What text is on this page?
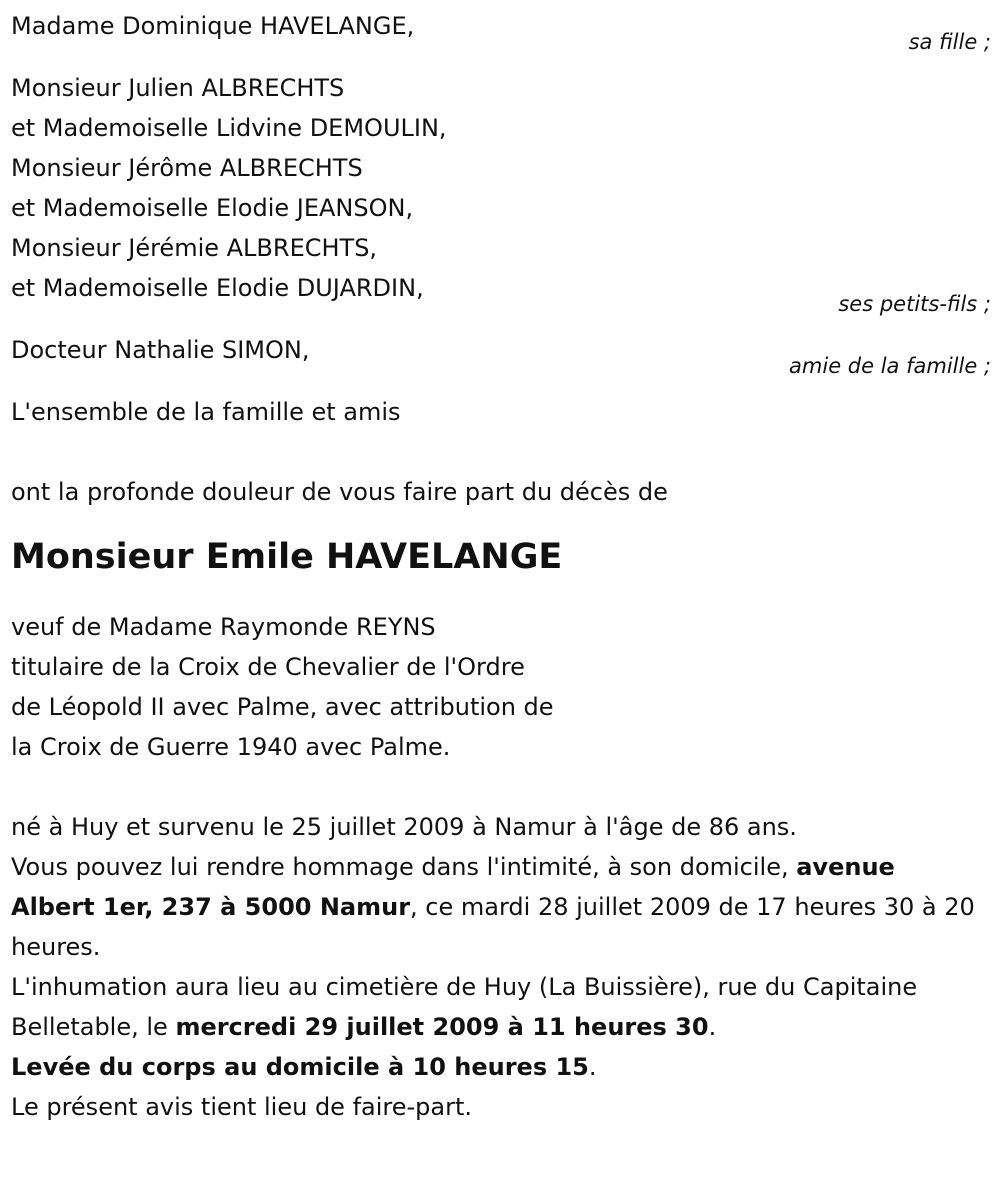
Madame Dominique HAVELANGE,
sa fille ;
Monsieur Julien ALBRECHTS
et Mademoiselle Lidvine DEMOULIN,
Monsieur Jérôme ALBRECHTS
et Mademoiselle Elodie JEANSON,
Monsieur Jérémie ALBRECHTS,
et Mademoiselle Elodie DUJARDIN,
ses petits-fils ;
Docteur Nathalie SIMON,
amie de la famille ;
L'ensemble de la famille et amis
ont la profonde douleur de vous faire part du décès de
Monsieur Emile HAVELANGE
veuf de Madame Raymonde REYNS
titulaire de la Croix de Chevalier de l'Ordre
de Léopold II avec Palme, avec attribution de
la Croix de Guerre 1940 avec Palme.
né à Huy et survenu le 25 juillet 2009 à Namur à l'âge de 86 ans.
Vous pouvez lui rendre hommage dans l'intimité, à son domicile, avenue Albert 1er, 237 à 5000 Namur, ce mardi 28 juillet 2009 de 17 heures 30 à 20 heures.
L'inhumation aura lieu au cimetière de Huy (La Buissière), rue du Capitaine Belletable, le mercredi 29 juillet 2009 à 11 heures 30.
Levée du corps au domicile à 10 heures 15.
Le présent avis tient lieu de faire-part.
